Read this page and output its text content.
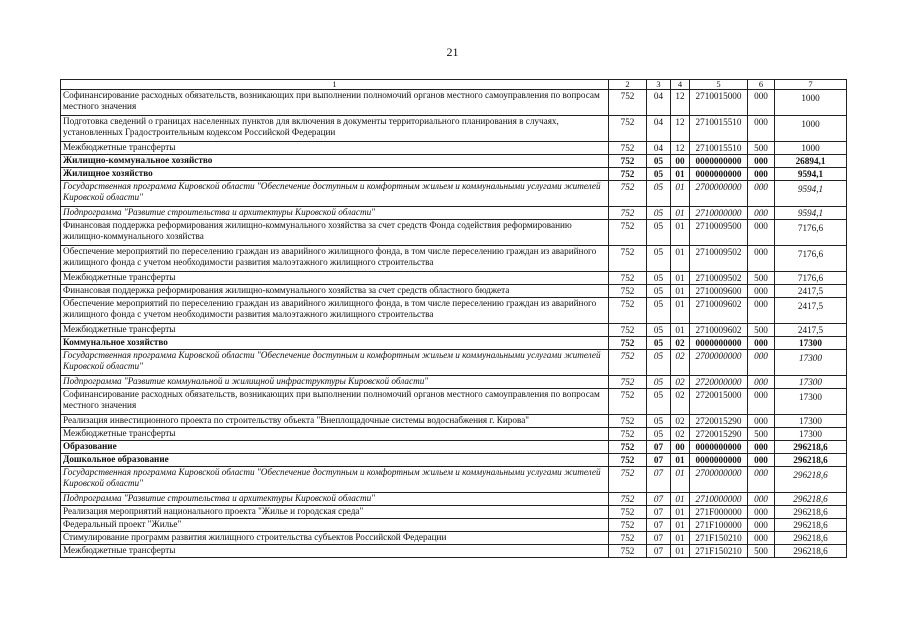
21
1	2	3	4	5	6	7
Софинансирование расходных обязательств, возникающих при выполнении полномочий органов местного самоуправления по вопросам местного значения	752	04	12	2710015000	000	1000
Подготовка сведений о границах населенных пунктов для включения в документы территориального планирования в случаях, установленных Градостроительным кодексом Российской Федерации	752	04	12	2710015510	000	1000
Межбюджетные трансферты	752	04	12	2710015510	500	1000
Жилищно-коммунальное хозяйство	752	05	00	0000000000	000	26894,1
Жилищное хозяйство	752	05	01	0000000000	000	9594,1
Государственная программа Кировской области "Обеспечение доступным и комфортным жильем и коммунальными услугами жителей Кировской области"	752	05	01	2700000000	000	9594,1
Подпрограмма "Развитие строительства и архитектуры Кировской области"	752	05	01	2710000000	000	9594,1
Финансовая поддержка реформирования жилищно-коммунального хозяйства за счет средств Фонда содействия реформированию жилищно-коммунального хозяйства	752	05	01	2710009500	000	7176,6
Обеспечение мероприятий по переселению граждан из аварийного жилищного фонда, в том числе переселению граждан из аварийного жилищного фонда с учетом необходимости развития малоэтажного жилищного строительства	752	05	01	2710009502	000	7176,6
Межбюджетные трансферты	752	05	01	2710009502	500	7176,6
Финансовая поддержка реформирования жилищно-коммунального хозяйства за счет средств областного бюджета	752	05	01	2710009600	000	2417,5
Обеспечение мероприятий по переселению граждан из аварийного жилищного фонда, в том числе переселению граждан из аварийного жилищного фонда с учетом необходимости развития малоэтажного жилищного строительства	752	05	01	2710009602	000	2417,5
Межбюджетные трансферты	752	05	01	2710009602	500	2417,5
Коммунальное хозяйство	752	05	02	0000000000	000	17300
Государственная программа Кировской области "Обеспечение доступным и комфортным жильем и коммунальными услугами жителей Кировской области"	752	05	02	2700000000	000	17300
Подпрограмма "Развитие коммунальной и жилищной инфраструктуры Кировской области"	752	05	02	2720000000	000	17300
Софинансирование расходных обязательств, возникающих при выполнении полномочий органов местного самоуправления по вопросам местного значения	752	05	02	2720015000	000	17300
Реализация инвестиционного проекта по строительству объекта "Внеплощадочные системы водоснабжения г. Кирова"	752	05	02	2720015290	000	17300
Межбюджетные трансферты	752	05	02	2720015290	500	17300
Образование	752	07	00	0000000000	000	296218,6
Дошкольное образование	752	07	01	0000000000	000	296218,6
Государственная программа Кировской области "Обеспечение доступным и комфортным жильем и коммунальными услугами жителей Кировской области"	752	07	01	2700000000	000	296218,6
Подпрограмма "Развитие строительства и архитектуры Кировской области"	752	07	01	2710000000	000	296218,6
Реализация мероприятий национального проекта "Жилье и городская среда"	752	07	01	271F000000	000	296218,6
Федеральный проект "Жилье"	752	07	01	271F100000	000	296218,6
Стимулирование программ развития жилищного строительства субъектов Российской Федерации	752	07	01	271F150210	000	296218,6
Межбюджетные трансферты	752	07	01	271F150210	500	296218,6
